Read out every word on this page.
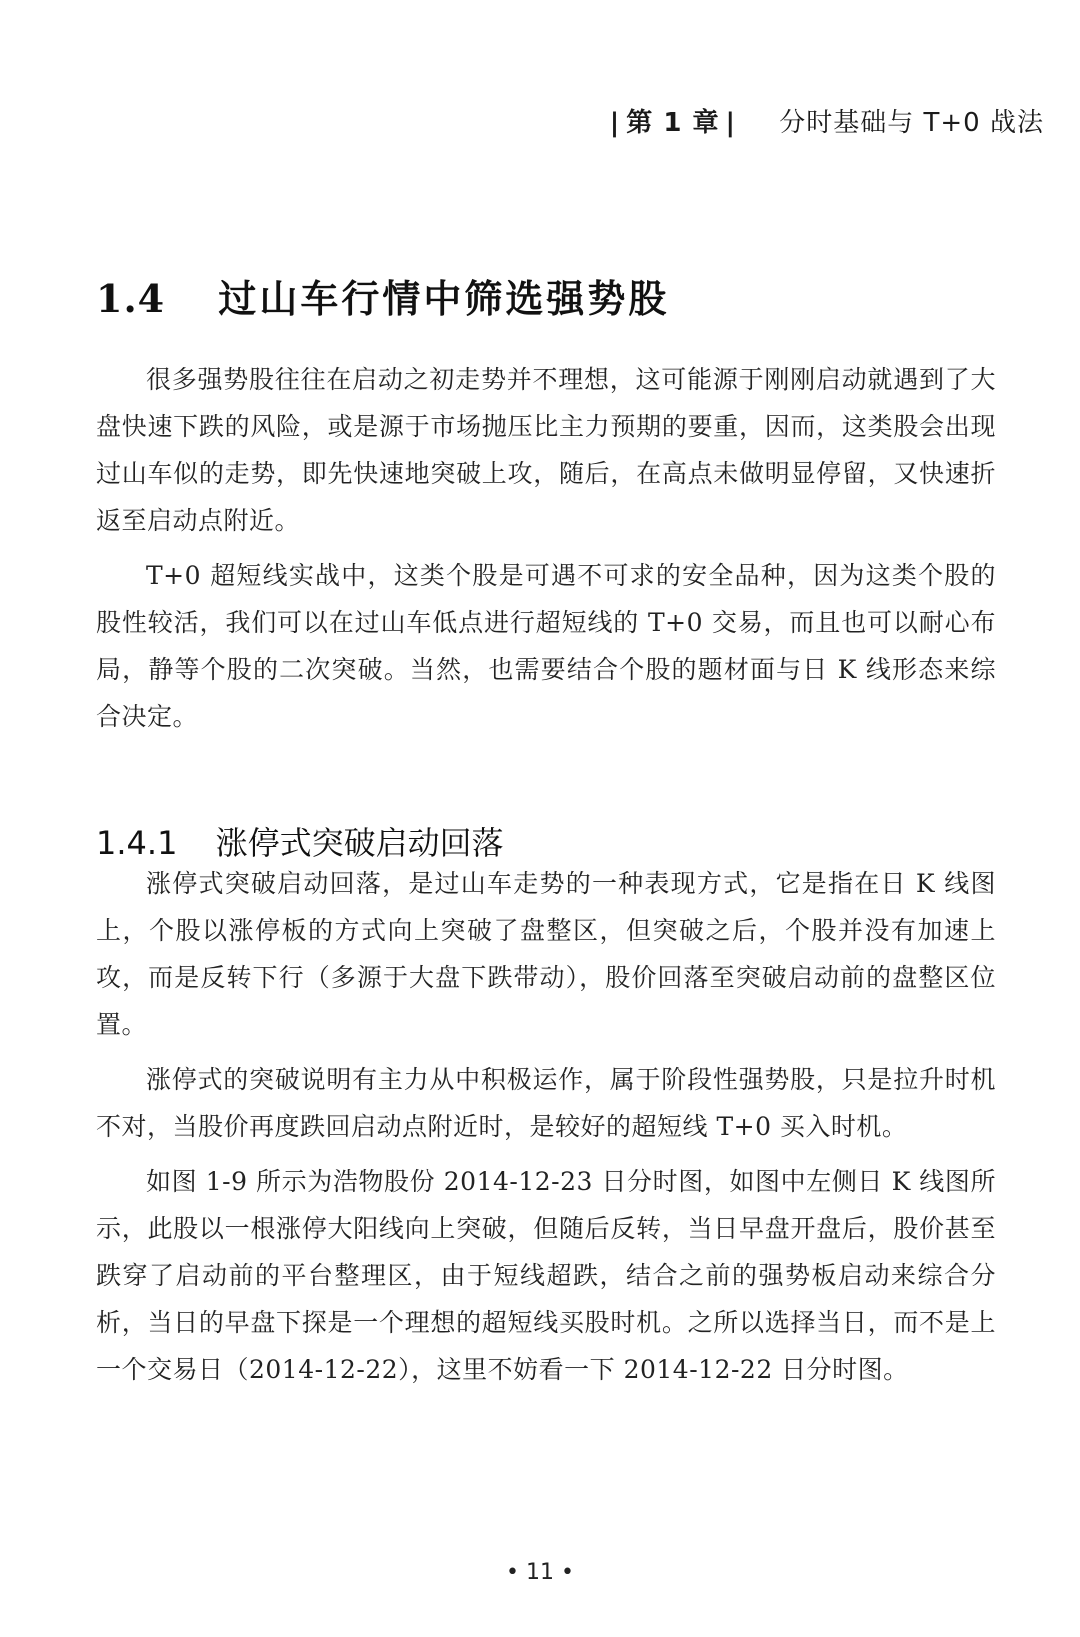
| 第 1 章 | 分时基础与 T+0 战法
1.4 过山车行情中筛选强势股

很多强势股往往在启动之初走势并不理想，这可能源于刚刚启动就遇到了大盘快速下跌的风险，或是源于市场抛压比主力预期的要重，因而，这类股会出现过山车似的走势，即先快速地突破上攻，随后，在高点未做明显停留，又快速折返至启动点附近。

T+0 超短线实战中，这类个股是可遇不可求的安全品种，因为这类个股的股性较活，我们可以在过山车低点进行超短线的 T+0 交易，而且也可以耐心布局，静等个股的二次突破。当然，也需要结合个股的题材面与日 K 线形态来综合决定。

1.4.1 涨停式突破启动回落

涨停式突破启动回落，是过山车走势的一种表现方式，它是指在日 K 线图上，个股以涨停板的方式向上突破了盘整区，但突破之后，个股并没有加速上攻，而是反转下行（多源于大盘下跌带动），股价回落至突破启动前的盘整区位置。

涨停式的突破说明有主力从中积极运作，属于阶段性强势股，只是拉升时机不对，当股价再度跌回启动点附近时，是较好的超短线 T+0 买入时机。

如图 1-9 所示为浩物股份 2014-12-23 日分时图，如图中左侧日 K 线图所示，此股以一根涨停大阳线向上突破，但随后反转，当日早盘开盘后，股价甚至跌穿了启动前的平台整理区，由于短线超跌，结合之前的强势板启动来综合分析，当日的早盘下探是一个理想的超短线买股时机。之所以选择当日，而不是上一个交易日（2014-12-22），这里不妨看一下 2014-12-22 日分时图。

• 11 •
